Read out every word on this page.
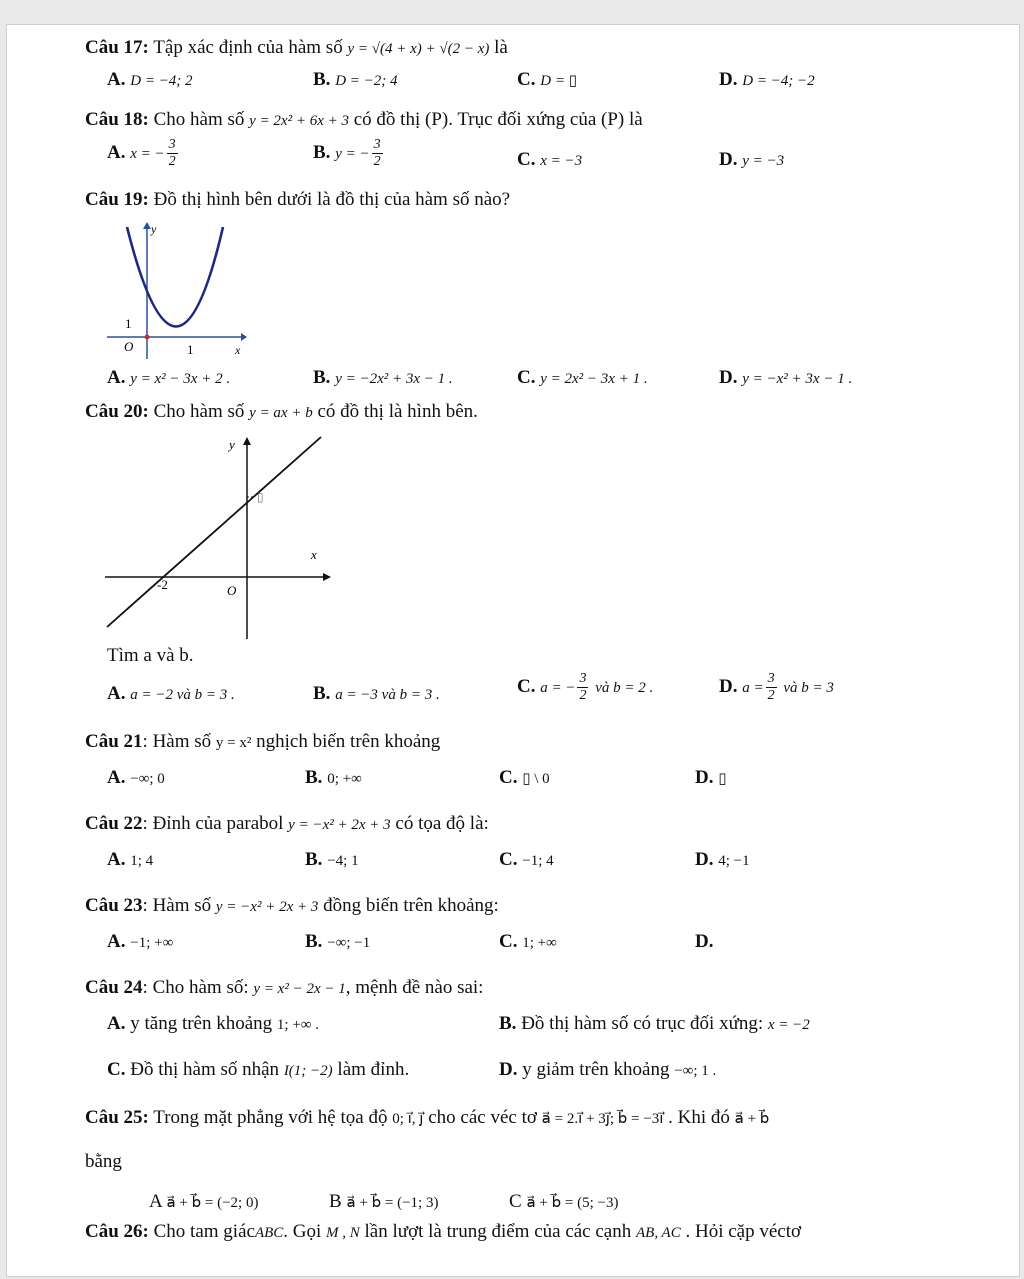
Câu 17: Tập xác định của hàm số y = √(4 + x) + √(2 − x) là
A. D = −4; 2	B. D = −2; 4	C. D = ▯	D. D = −4; −2
Câu 18: Cho hàm số y = 2x² + 6x + 3 có đồ thị (P). Trục đối xứng của (P) là
A. x = − $\frac{3}{2}$	B. y = − $\frac{3}{2}$	C. x = −3	D. y = −3
Câu 19: Đồ thị hình bên dưới là đồ thị của hàm số nào?
y
x
O
1
1
A. y = x² − 3x + 2 .	B. y = −2x² + 3x − 1 .	C. y = 2x² − 3x + 1 .	D. y = −x² + 3x − 1 .
Câu 20: Cho hàm số y = ax + b có đồ thị là hình bên.
y
x
O
-2
▯
Tìm a và b.
A. a = −2 và b = 3 .	B. a = −3 và b = 3 .	C. a = − $\frac{3}{2}$ và b = 2 .	D. $a = \frac{3}{2}$ và b = 3
Câu 21: Hàm số y = x² nghịch biến trên khoảng
A. −∞; 0	B. 0; +∞	C. ▯ \ 0	D. ▯
Câu 22: Đỉnh của parabol y = −x² + 2x + 3 có tọa độ là:
A. 1; 4	B. −4; 1	C. −1; 4	D. 4; −1
Câu 23: Hàm số y = −x² + 2x + 3 đồng biến trên khoảng:
A. −1; +∞	B. −∞; −1	C. 1; +∞	D.
Câu 24: Cho hàm số: y = x² − 2x − 1, mệnh đề nào sai:
A. y tăng trên khoảng 1; +∞ .	B. Đồ thị hàm số có trục đối xứng: x = −2
C. Đồ thị hàm số nhận I(1; −2) làm đỉnh.	D. y giảm trên khoảng −∞; 1 .
Câu 25: Trong mặt phẳng với hệ tọa độ 0; i⃗, j⃗ cho các véc tơ a⃗ = 2.i⃗ + 3j⃗; b⃗ = −3i⃗ . Khi đó a⃗ + b⃗
bằng
A a⃗ + b⃗ = (−2; 0)	B a⃗ + b⃗ = (−1; 3)	C a⃗ + b⃗ = (5; −3)
Câu 26: Cho tam giácABC. Gọi M , N lần lượt là trung điểm của các cạnh AB, AC . Hỏi cặp véctơ
